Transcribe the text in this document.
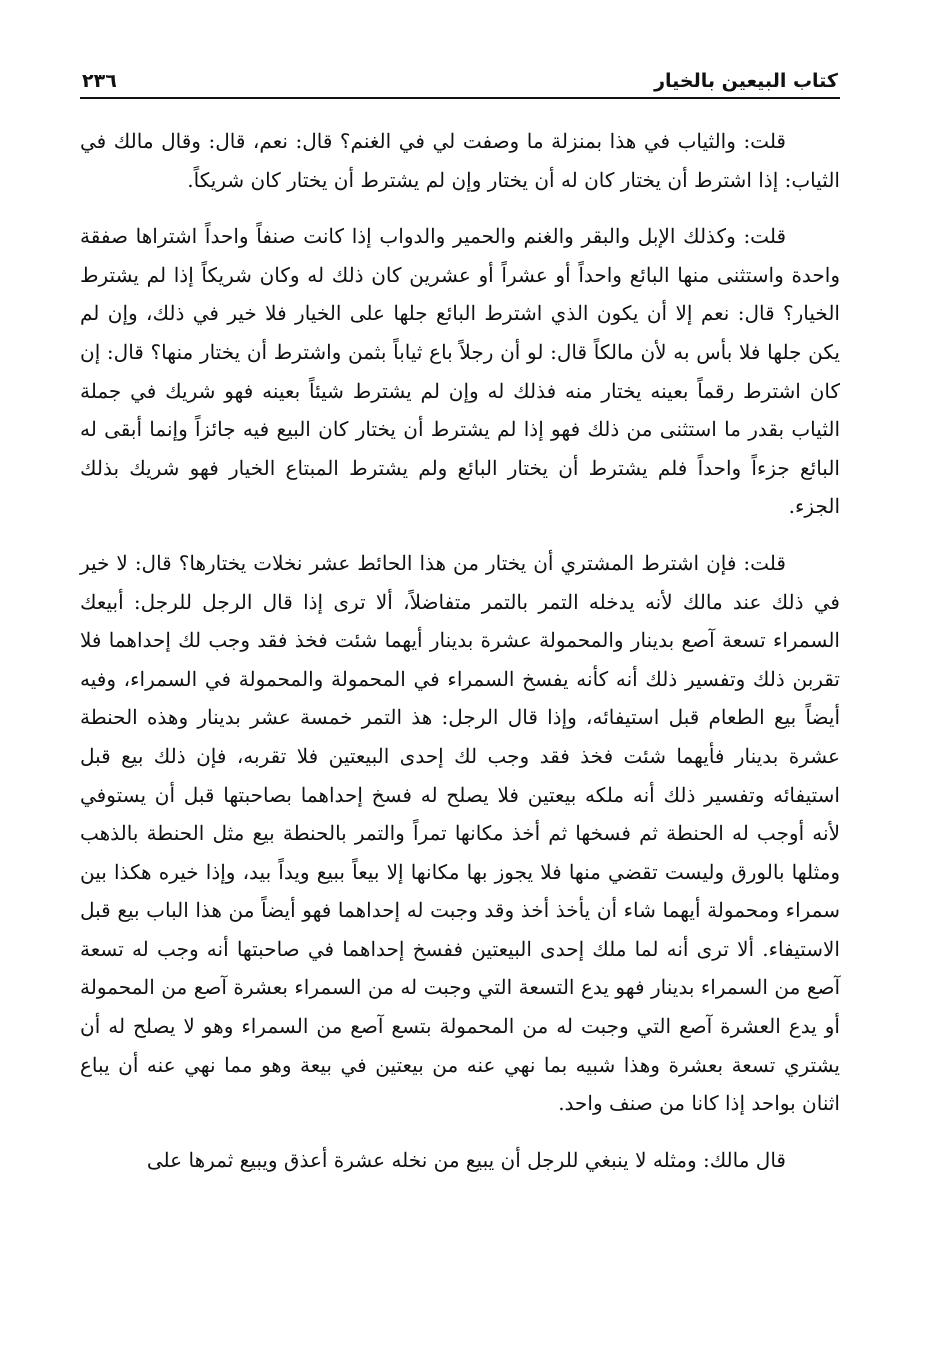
كتاب البيعين بالخيار
٢٣٦

قلت: والثياب في هذا بمنزلة ما وصفت لي في الغنم؟ قال: نعم، قال: وقال مالك في الثياب: إذا اشترط أن يختار كان له أن يختار وإن لم يشترط أن يختار كان شريكاً.

قلت: وكذلك الإبل والبقر والغنم والحمير والدواب إذا كانت صنفاً واحداً اشتراها صفقة واحدة واستثنى منها البائع واحداً أو عشراً أو عشرين كان ذلك له وكان شريكاً إذا لم يشترط الخيار؟ قال: نعم إلا أن يكون الذي اشترط البائع جلها على الخيار فلا خير في ذلك، وإن لم يكن جلها فلا بأس به لأن مالكاً قال: لو أن رجلاً باع ثياباً بثمن واشترط أن يختار منها؟ قال: إن كان اشترط رقماً بعينه يختار منه فذلك له وإن لم يشترط شيئاً بعينه فهو شريك في جملة الثياب بقدر ما استثنى من ذلك فهو إذا لم يشترط أن يختار كان البيع فيه جائزاً وإنما أبقى له البائع جزءاً واحداً فلم يشترط أن يختار البائع ولم يشترط المبتاع الخيار فهو شريك بذلك الجزء.

قلت: فإن اشترط المشتري أن يختار من هذا الحائط عشر نخلات يختارها؟ قال: لا خير في ذلك عند مالك لأنه يدخله التمر بالتمر متفاضلاً، ألا ترى إذا قال الرجل للرجل: أبيعك السمراء تسعة آصع بدينار والمحمولة عشرة بدينار أيهما شئت فخذ فقد وجب لك إحداهما فلا تقربن ذلك وتفسير ذلك أنه كأنه يفسخ السمراء في المحمولة والمحمولة في السمراء، وفيه أيضاً بيع الطعام قبل استيفائه، وإذا قال الرجل: هذ التمر خمسة عشر بدينار وهذه الحنطة عشرة بدينار فأيهما شئت فخذ فقد وجب لك إحدى البيعتين فلا تقربه، فإن ذلك بيع قبل استيفائه وتفسير ذلك أنه ملكه بيعتين فلا يصلح له فسخ إحداهما بصاحبتها قبل أن يستوفي لأنه أوجب له الحنطة ثم فسخها ثم أخذ مكانها تمراً والتمر بالحنطة بيع مثل الحنطة بالذهب ومثلها بالورق وليست تقضي منها فلا يجوز بها مكانها إلا بيعاً ببيع ويداً بيد، وإذا خيره هكذا بين سمراء ومحمولة أيهما شاء أن يأخذ أخذ وقد وجبت له إحداهما فهو أيضاً من هذا الباب بيع قبل الاستيفاء. ألا ترى أنه لما ملك إحدى البيعتين ففسخ إحداهما في صاحبتها أنه وجب له تسعة آصع من السمراء بدينار فهو يدع التسعة التي وجبت له من السمراء بعشرة آصع من المحمولة أو يدع العشرة آصع التي وجبت له من المحمولة بتسع آصع من السمراء وهو لا يصلح له أن يشتري تسعة بعشرة وهذا شبيه بما نهي عنه من بيعتين في بيعة وهو مما نهي عنه أن يباع اثنان بواحد إذا كانا من صنف واحد.

قال مالك: ومثله لا ينبغي للرجل أن يبيع من نخله عشرة أعذق ويبيع ثمرها على
